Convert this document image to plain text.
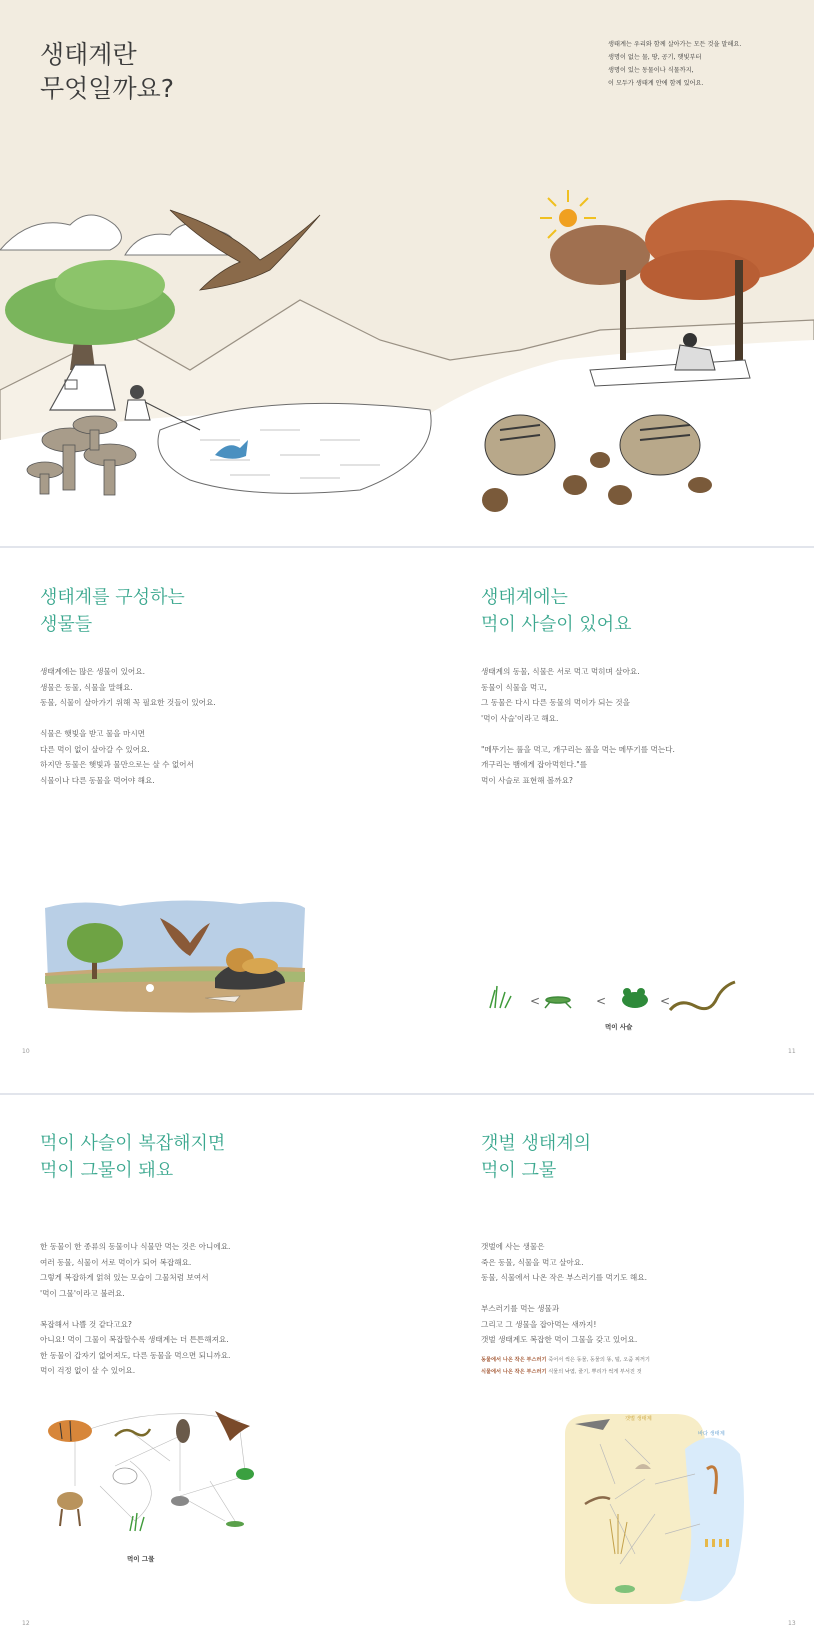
생태계란
무엇일까요?
생태계는 우리와 함께 살아가는 모든 것을 말해요.
생명이 없는 물, 땅, 공기, 햇빛부터
생명이 있는 동물이나 식물까지,
이 모두가 생태계 안에 함께 있어요.
생태계를 구성하는
생물들
생태계에는 많은 생물이 있어요.
생물은 동물, 식물을 말해요.
동물, 식물이 살아가기 위해 꼭 필요한 것들이 있어요.
식물은 햇빛을 받고 물을 마시면
다른 먹이 없이 살아갈 수 있어요.
하지만 동물은 햇빛과 물만으로는 살 수 없어서
식물이나 다른 동물을 먹어야 해요.
10
생태계에는
먹이 사슬이 있어요
생태계의 동물, 식물은 서로 먹고 먹히며 살아요.
동물이 식물을 먹고,
그 동물은 다시 다른 동물의 먹이가 되는 것을
'먹이 사슬'이라고 해요.
"메뚜기는 풀을 먹고, 개구리는 풀을 먹는 메뚜기를 먹는다.
개구리는 뱀에게 잡아먹힌다."를
먹이 사슬로 표현해 볼까요?
<	<	<
먹이 사슬
11
먹이 사슬이 복잡해지면
먹이 그물이 돼요
한 동물이 한 종류의 동물이나 식물만 먹는 것은 아니에요.
여러 동물, 식물이 서로 먹이가 되어 복잡해요.
그렇게 복잡하게 얽혀 있는 모습이 그물처럼 보여서
'먹이 그물'이라고 불러요.
복잡해서 나쁠 것 같다고요?
아니요! 먹이 그물이 복잡할수록 생태계는 더 튼튼해져요.
한 동물이 갑자기 없어져도, 다른 동물을 먹으면 되니까요.
먹이 걱정 없이 살 수 있어요.
먹이 그물
12
갯벌 생태계의
먹이 그물
갯벌에 사는 생물은
죽은 동물, 식물을 먹고 살아요.
동물, 식물에서 나온 작은 부스러기를 먹기도 해요.
부스러기를 먹는 생물과
그리고 그 생물을 잡아먹는 새까지!
갯벌 생태계도 복잡한 먹이 그물을 갖고 있어요.
동물에서 나온 작은 부스러기 죽어서 썩은 동물, 동물의 똥, 털, 오줌 찌꺼기
식물에서 나온 작은 부스러기 식물의 낙엽, 줄기, 뿌리가 썩게 부서진 것
갯벌 생태계
바다 생태계
13
